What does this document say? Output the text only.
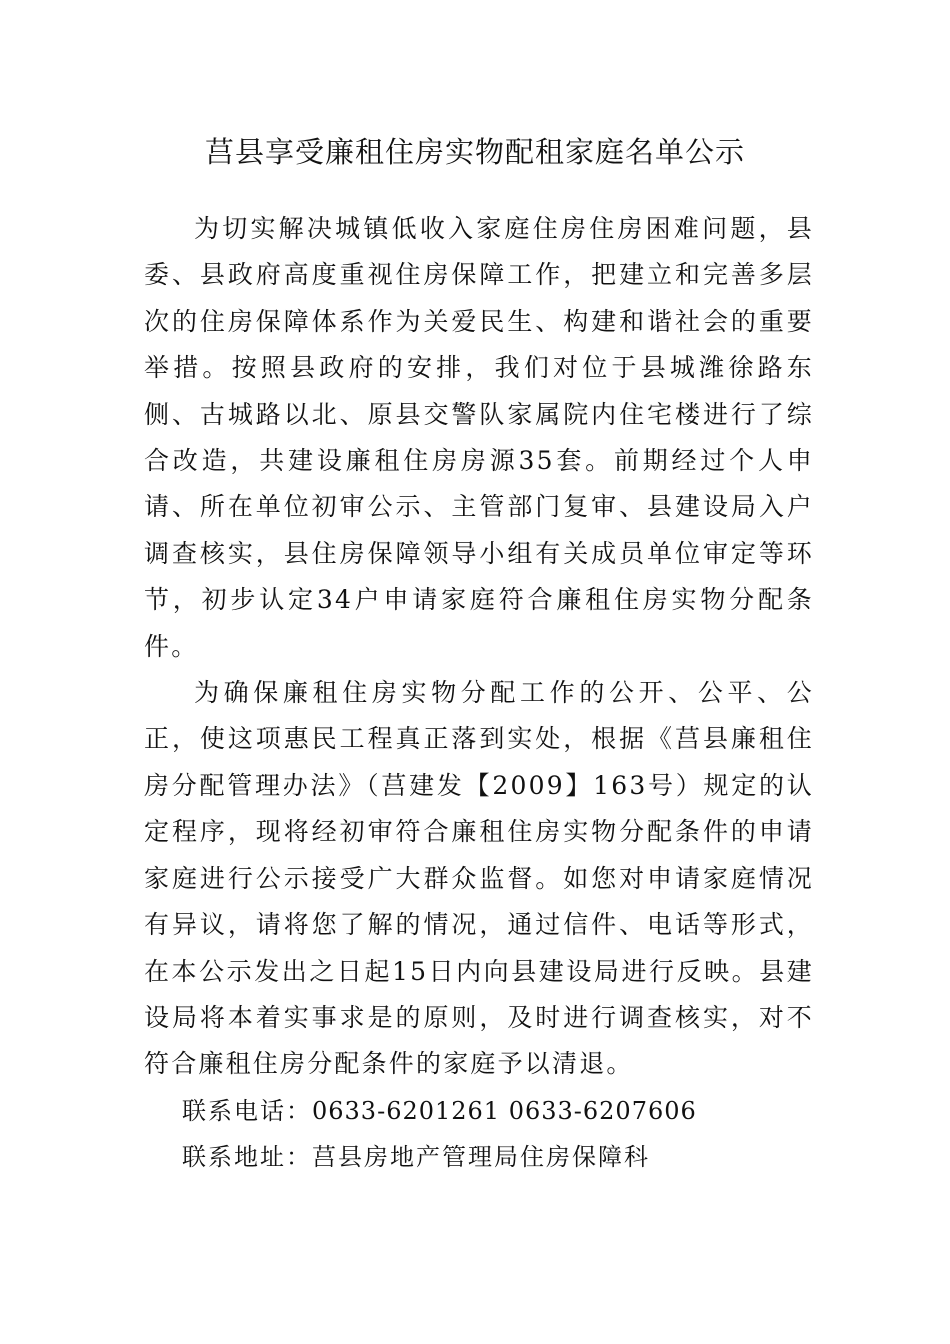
莒县享受廉租住房实物配租家庭名单公示

为切实解决城镇低收入家庭住房住房困难问题，县委、县政府高度重视住房保障工作，把建立和完善多层次的住房保障体系作为关爱民生、构建和谐社会的重要举措。按照县政府的安排，我们对位于县城潍徐路东侧、古城路以北、原县交警队家属院内住宅楼进行了综合改造，共建设廉租住房房源35套。前期经过个人申请、所在单位初审公示、主管部门复审、县建设局入户调查核实，县住房保障领导小组有关成员单位审定等环节，初步认定34户申请家庭符合廉租住房实物分配条件。

为确保廉租住房实物分配工作的公开、公平、公正，使这项惠民工程真正落到实处，根据《莒县廉租住房分配管理办法》（莒建发【2009】163号）规定的认定程序，现将经初审符合廉租住房实物分配条件的申请家庭进行公示接受广大群众监督。如您对申请家庭情况有异议，请将您了解的情况，通过信件、电话等形式，在本公示发出之日起15日内向县建设局进行反映。县建设局将本着实事求是的原则，及时进行调查核实，对不符合廉租住房分配条件的家庭予以清退。

联系电话：0633-6201261 0633-6207606

联系地址：莒县房地产管理局住房保障科
